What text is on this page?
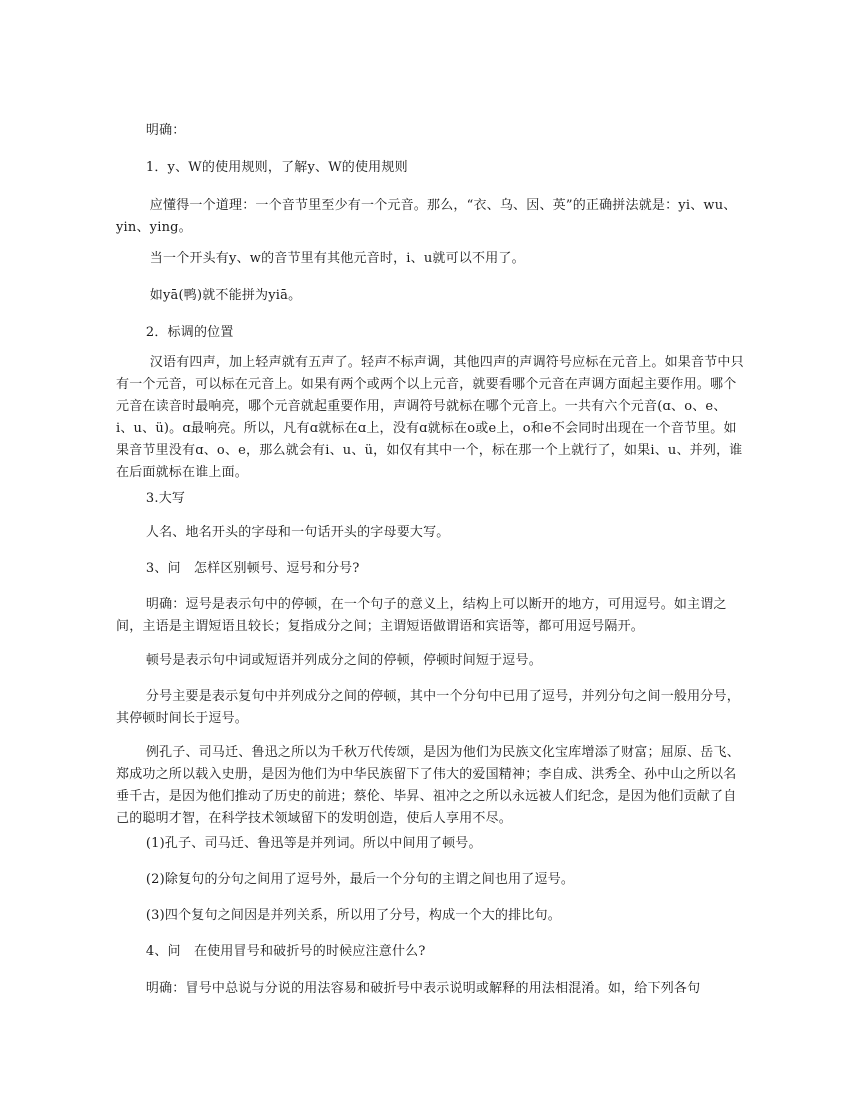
明确：

1．y、W的使用规则，了解y、W的使用规则

应懂得一个道理：一个音节里至少有一个元音。那么，“衣、乌、因、英”的正确拼法就是：yi、wu、yin、ying。

当一个开头有y、w的音节里有其他元音时，i、u就可以不用了。

如yā(鸭)就不能拼为yiā。

2．标调的位置

汉语有四声，加上轻声就有五声了。轻声不标声调，其他四声的声调符号应标在元音上。如果音节中只有一个元音，可以标在元音上。如果有两个或两个以上元音，就要看哪个元音在声调方面起主要作用。哪个元音在读音时最响亮，哪个元音就起重要作用，声调符号就标在哪个元音上。一共有六个元音(ɑ、o、e、i、u、ü)。ɑ最响亮。所以，凡有ɑ就标在ɑ上，没有ɑ就标在o或e上，o和e不会同时出现在一个音节里。如果音节里没有ɑ、o、e，那么就会有i、u、ü，如仅有其中一个，标在那一个上就行了，如果i、u、并列，谁在后面就标在谁上面。

3.大写

人名、地名开头的字母和一句话开头的字母要大写。

3、问　怎样区别顿号、逗号和分号?

明确：逗号是表示句中的停顿，在一个句子的意义上，结构上可以断开的地方，可用逗号。如主谓之间，主语是主谓短语且较长；复指成分之间；主谓短语做谓语和宾语等，都可用逗号隔开。

顿号是表示句中词或短语并列成分之间的停顿，停顿时间短于逗号。

分号主要是表示复句中并列成分之间的停顿，其中一个分句中已用了逗号，并列分句之间一般用分号，其停顿时间长于逗号。

例孔子、司马迁、鲁迅之所以为千秋万代传颂，是因为他们为民族文化宝库增添了财富；屈原、岳飞、郑成功之所以载入史册，是因为他们为中华民族留下了伟大的爱国精神；李自成、洪秀全、孙中山之所以名垂千古，是因为他们推动了历史的前进；蔡伦、毕昇、祖冲之之所以永远被人们纪念，是因为他们贡献了自己的聪明才智，在科学技术领域留下的发明创造，使后人享用不尽。

(1)孔子、司马迁、鲁迅等是并列词。所以中间用了顿号。

(2)除复句的分句之间用了逗号外，最后一个分句的主谓之间也用了逗号。

(3)四个复句之间因是并列关系，所以用了分号，构成一个大的排比句。

4、问　在使用冒号和破折号的时候应注意什么?

明确：冒号中总说与分说的用法容易和破折号中表示说明或解释的用法相混淆。如，给下列各句
